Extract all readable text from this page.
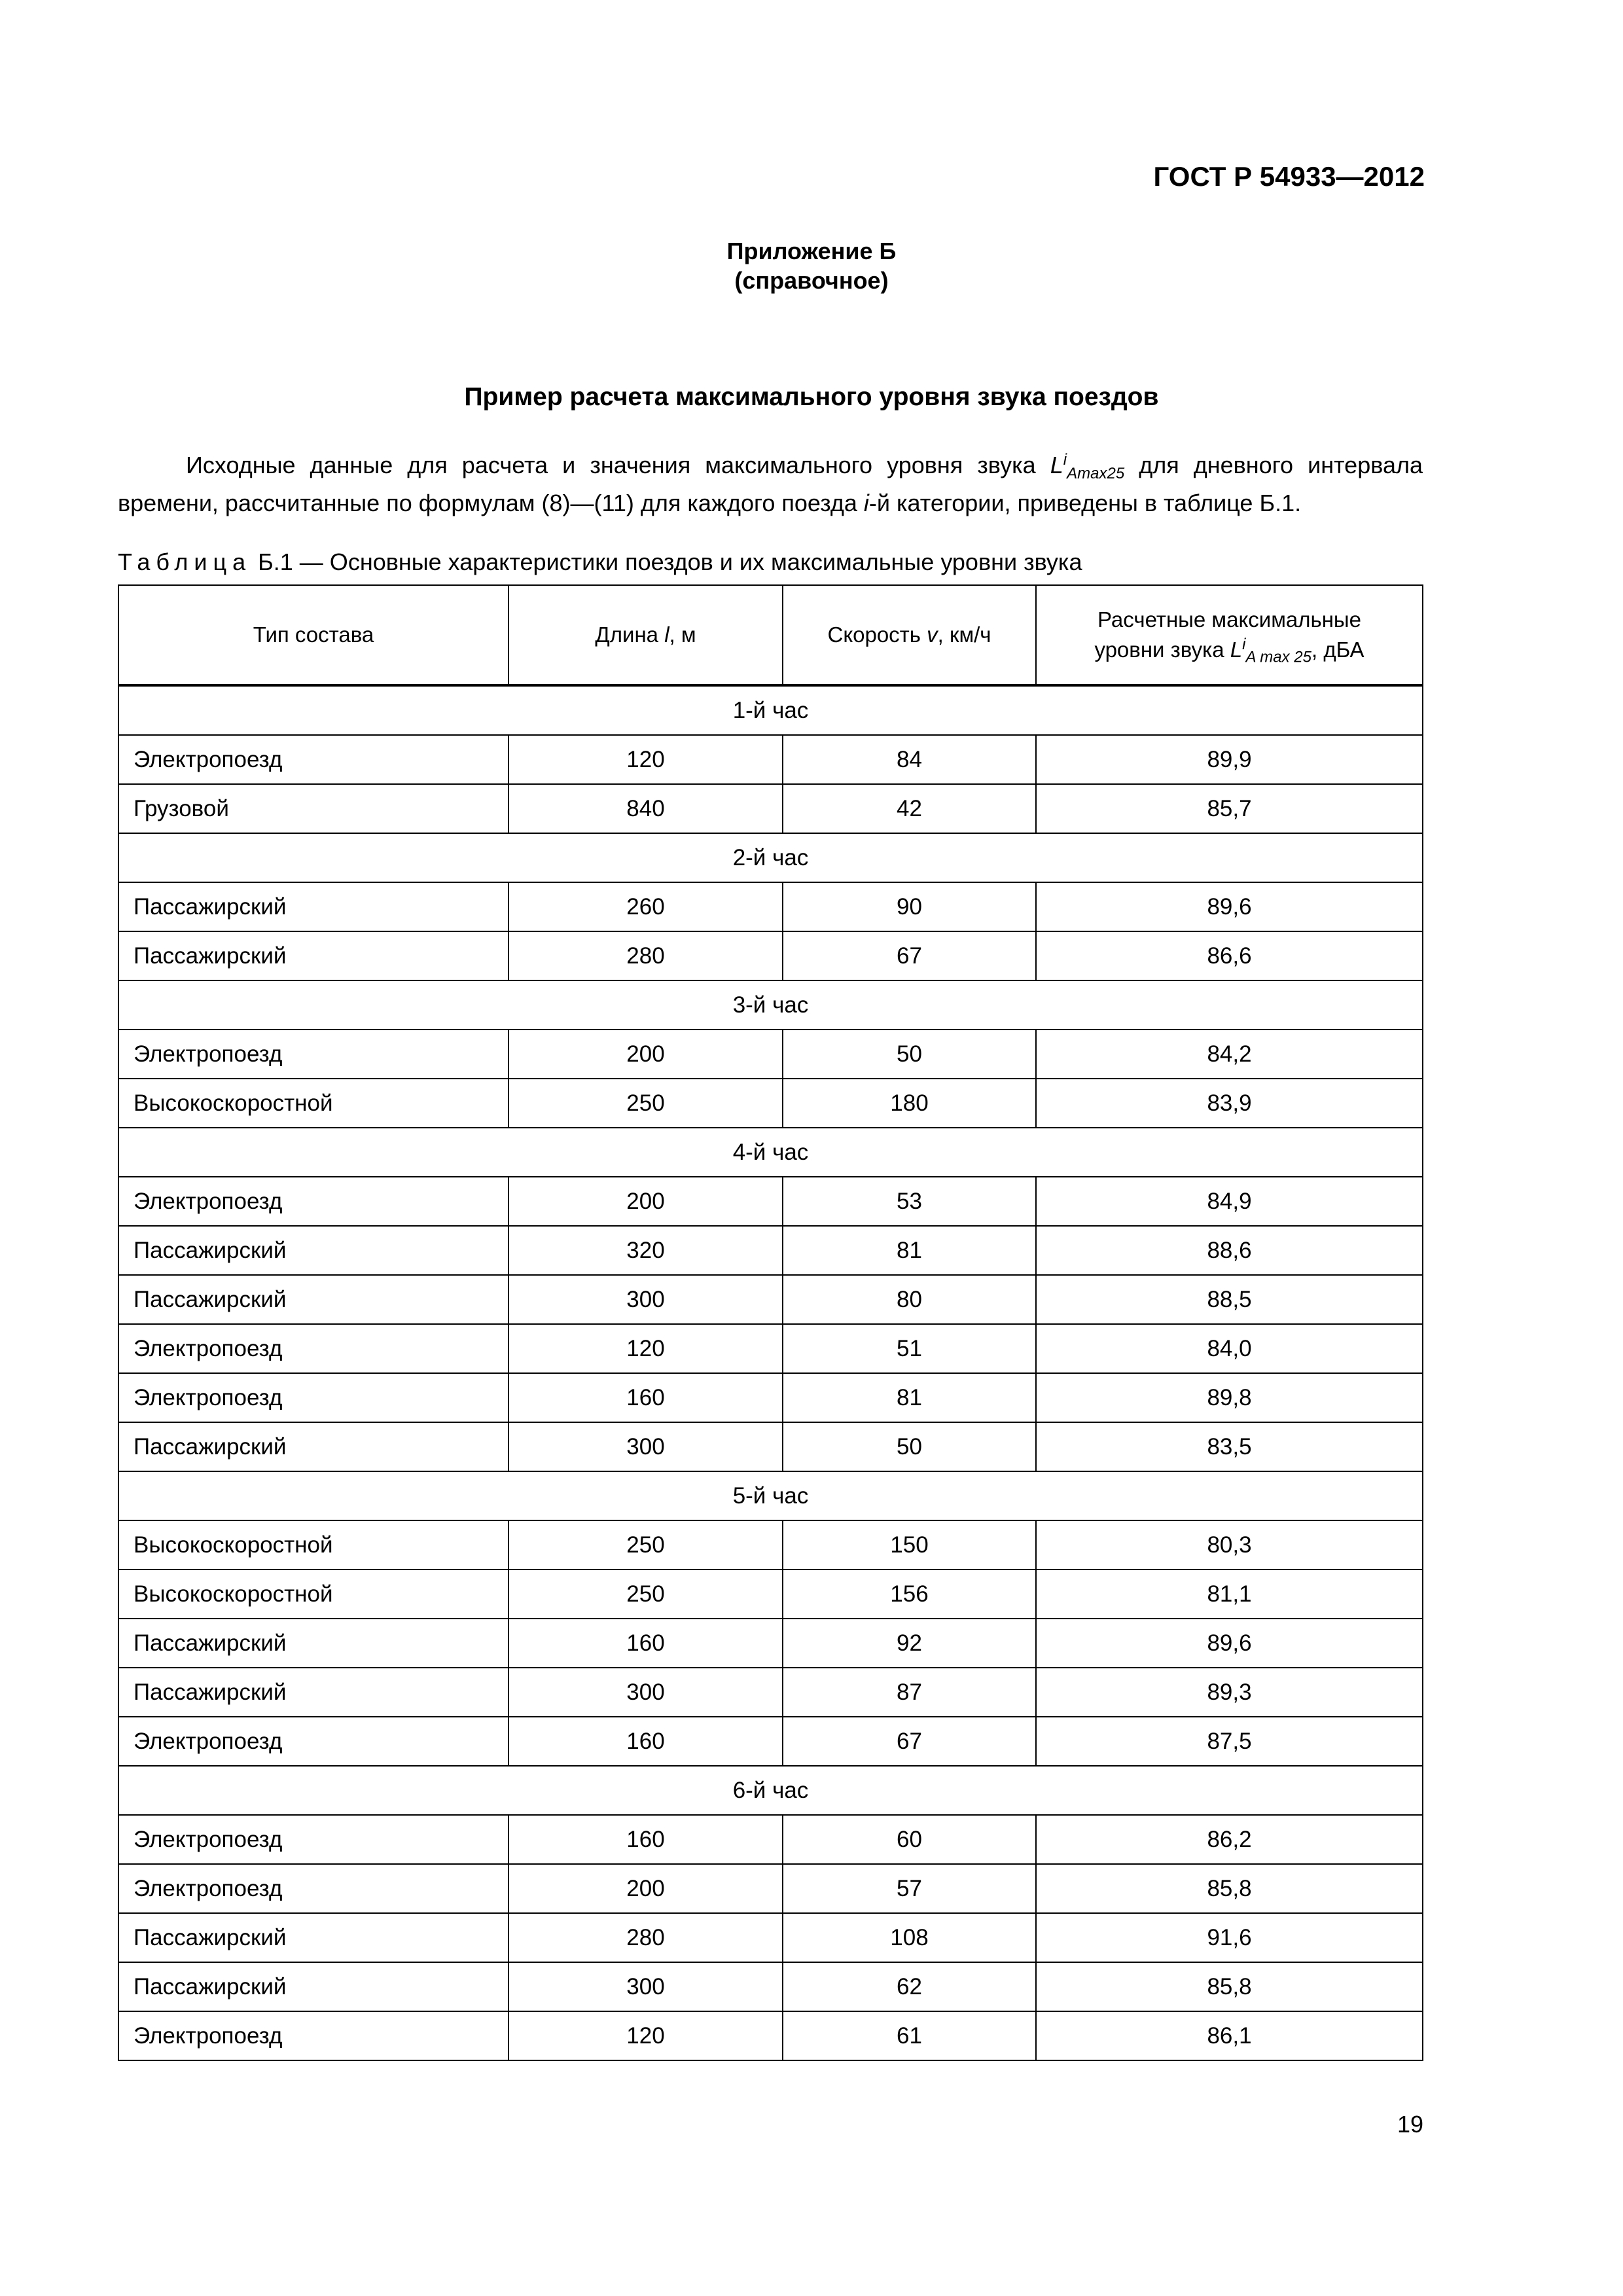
ГОСТ Р 54933—2012
Приложение Б
(справочное)
Пример расчета максимального уровня звука поездов

Исходные данные для расчета и значения максимального уровня звука $L^i_{Amax25}$ для дневного интервала времени, рассчитанные по формулам (8)—(11) для каждого поезда i-й категории, приведены в таблице Б.1.

Таблица Б.1 — Основные характеристики поездов и их максимальные уровни звука
Тип состава	Длина l, м	Скорость v, км/ч	Расчетные максимальные
уровни звука $L^i_{A max 25}$, дБА
1-й час			
Электропоезд	120	84	89,9
Грузовой	840	42	85,7
2-й час			
Пассажирский	260	90	89,6
Пассажирский	280	67	86,6
3-й час			
Электропоезд	200	50	84,2
Высокоскоростной	250	180	83,9
4-й час			
Электропоезд	200	53	84,9
Пассажирский	320	81	88,6
Пассажирский	300	80	88,5
Электропоезд	120	51	84,0
Электропоезд	160	81	89,8
Пассажирский	300	50	83,5
5-й час			
Высокоскоростной	250	150	80,3
Высокоскоростной	250	156	81,1
Пассажирский	160	92	89,6
Пассажирский	300	87	89,3
Электропоезд	160	67	87,5
6-й час			
Электропоезд	160	60	86,2
Электропоезд	200	57	85,8
Пассажирский	280	108	91,6
Пассажирский	300	62	85,8
Электропоезд	120	61	86,1
19
